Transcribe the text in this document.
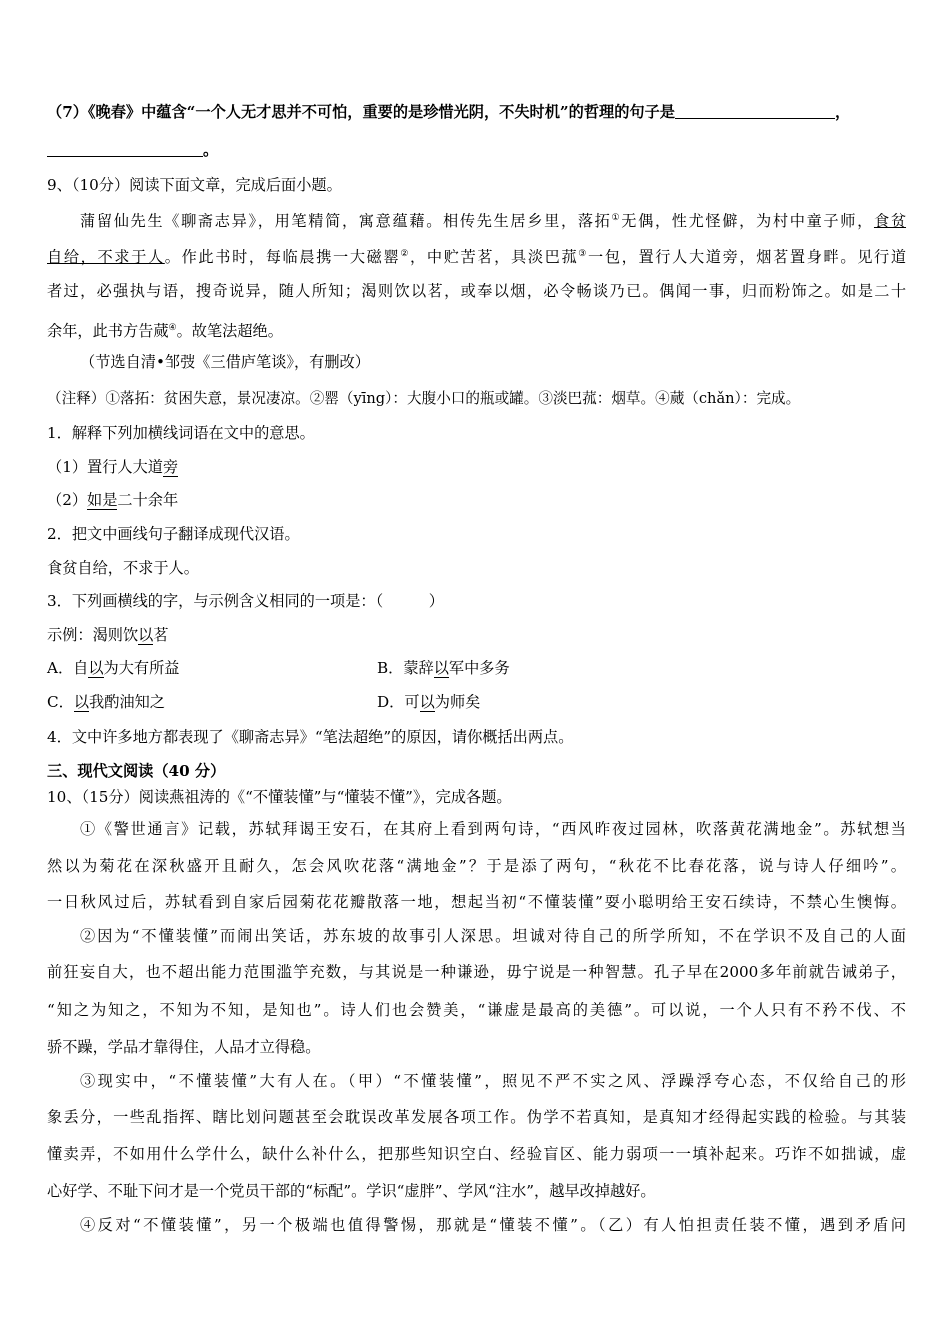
（7）《晚春》中蕴含“一个人无才思并不可怕，重要的是珍惜光阴，不失时机”的哲理的句子是	，
。
9、（10分）阅读下面文章，完成后面小题。
蒲留仙先生《聊斋志异》，用笔精简，寓意蕴藉。相传先生居乡里，落拓①无偶，性尤怪僻，为村中童子师，食贫
自给，不求于人。作此书时，每临晨携一大磁罂②，中贮苦茗，具淡巴菰③一包，置行人大道旁，烟茗置身畔。见行道
者过，必强执与语，搜奇说异，随人所知；渴则饮以茗，或奉以烟，必令畅谈乃已。偶闻一事，归而粉饰之。如是二十
余年，此书方告蒇④。故笔法超绝。
（节选自清•邹弢《三借庐笔谈》，有删改）
（注释）①落拓：贫困失意，景况凄凉。②罂（yīng）：大腹小口的瓶或罐。③淡巴菰：烟草。④蒇（chǎn）：完成。
1．解释下列加横线词语在文中的意思。
（1）置行人大道旁
（2）如是二十余年
2．把文中画线句子翻译成现代汉语。
食贫自给，不求于人。
3．下列画横线的字，与示例含义相同的一项是：（　　　）
示例：渴则饮以茗
A．自以为大有所益	B．蒙辞以军中多务
C．以我酌油知之	D．可以为师矣
4．文中许多地方都表现了《聊斋志异》“笔法超绝”的原因，请你概括出两点。
三、现代文阅读（40 分）
10、（15分）阅读燕祖涛的《“不懂装懂”与“懂装不懂”》，完成各题。
①《警世通言》记载，苏轼拜谒王安石，在其府上看到两句诗，“西风昨夜过园林，吹落黄花满地金”。苏轼想当
然以为菊花在深秋盛开且耐久，怎会风吹花落“满地金”？于是添了两句，“秋花不比春花落，说与诗人仔细吟”。
一日秋风过后，苏轼看到自家后园菊花花瓣散落一地，想起当初“不懂装懂”耍小聪明给王安石续诗，不禁心生懊悔。
②因为“不懂装懂”而闹出笑话，苏东坡的故事引人深思。坦诚对待自己的所学所知，不在学识不及自己的人面
前狂妄自大，也不超出能力范围滥竽充数，与其说是一种谦逊，毋宁说是一种智慧。孔子早在2000多年前就告诫弟子，
“知之为知之，不知为不知，是知也”。诗人们也会赞美，“谦虚是最高的美德”。可以说，一个人只有不矜不伐、不
骄不躁，学品才靠得住，人品才立得稳。
③现实中，“不懂装懂”大有人在。（甲）“不懂装懂”，照见不严不实之风、浮躁浮夸心态，不仅给自己的形
象丢分，一些乱指挥、瞎比划问题甚至会耽误改革发展各项工作。伪学不若真知，是真知才经得起实践的检验。与其装
懂卖弄，不如用什么学什么，缺什么补什么，把那些知识空白、经验盲区、能力弱项一一填补起来。巧诈不如拙诚，虚
心好学、不耻下问才是一个党员干部的“标配”。学识“虚胖”、学风“注水”，越早改掉越好。
④反对“不懂装懂”，另一个极端也值得警惕，那就是“懂装不懂”。（乙）有人怕担责任装不懂，遇到矛盾问
